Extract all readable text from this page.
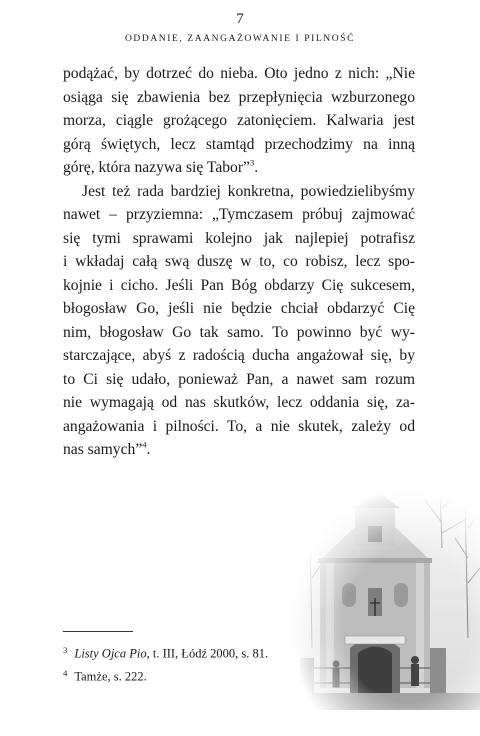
7
ODDANIE, ZAANGAŻOWANIE I PILNOŚĆ
podążać, by dotrzeć do nieba. Oto jedno z nich: „Nie
osiąga się zbawienia bez przepłynięcia wzburzonego
morza, ciągle grożącego zatonięciem. Kalwaria jest
górą świętych, lecz stamtąd przechodzimy na inną
górę, która nazywa się Tabor”$^3$.
Jest też rada bardziej konkretna, powiedzielibyśmy
nawet – przyziemna: „Tymczasem próbuj zajmować
się tymi sprawami kolejno jak najlepiej potrafisz
i wkładaj całą swą duszę w to, co robisz, lecz spo-
kojnie i cicho. Jeśli Pan Bóg obdarzy Cię sukcesem,
błogosław Go, jeśli nie będzie chciał obdarzyć Cię
nim, błogosław Go tak samo. To powinno być wy-
starczające, abyś z radością ducha angażował się, by
to Ci się udało, ponieważ Pan, a nawet sam rozum
nie wymagają od nas skutków, lecz oddania się, za-
angażowania i pilności. To, a nie skutek, zależy od
nas samych”$^4$.
$^3$ Listy Ojca Pio, t. III, Łódź 2000, s. 81.
$^4$ Tamże, s. 222.
